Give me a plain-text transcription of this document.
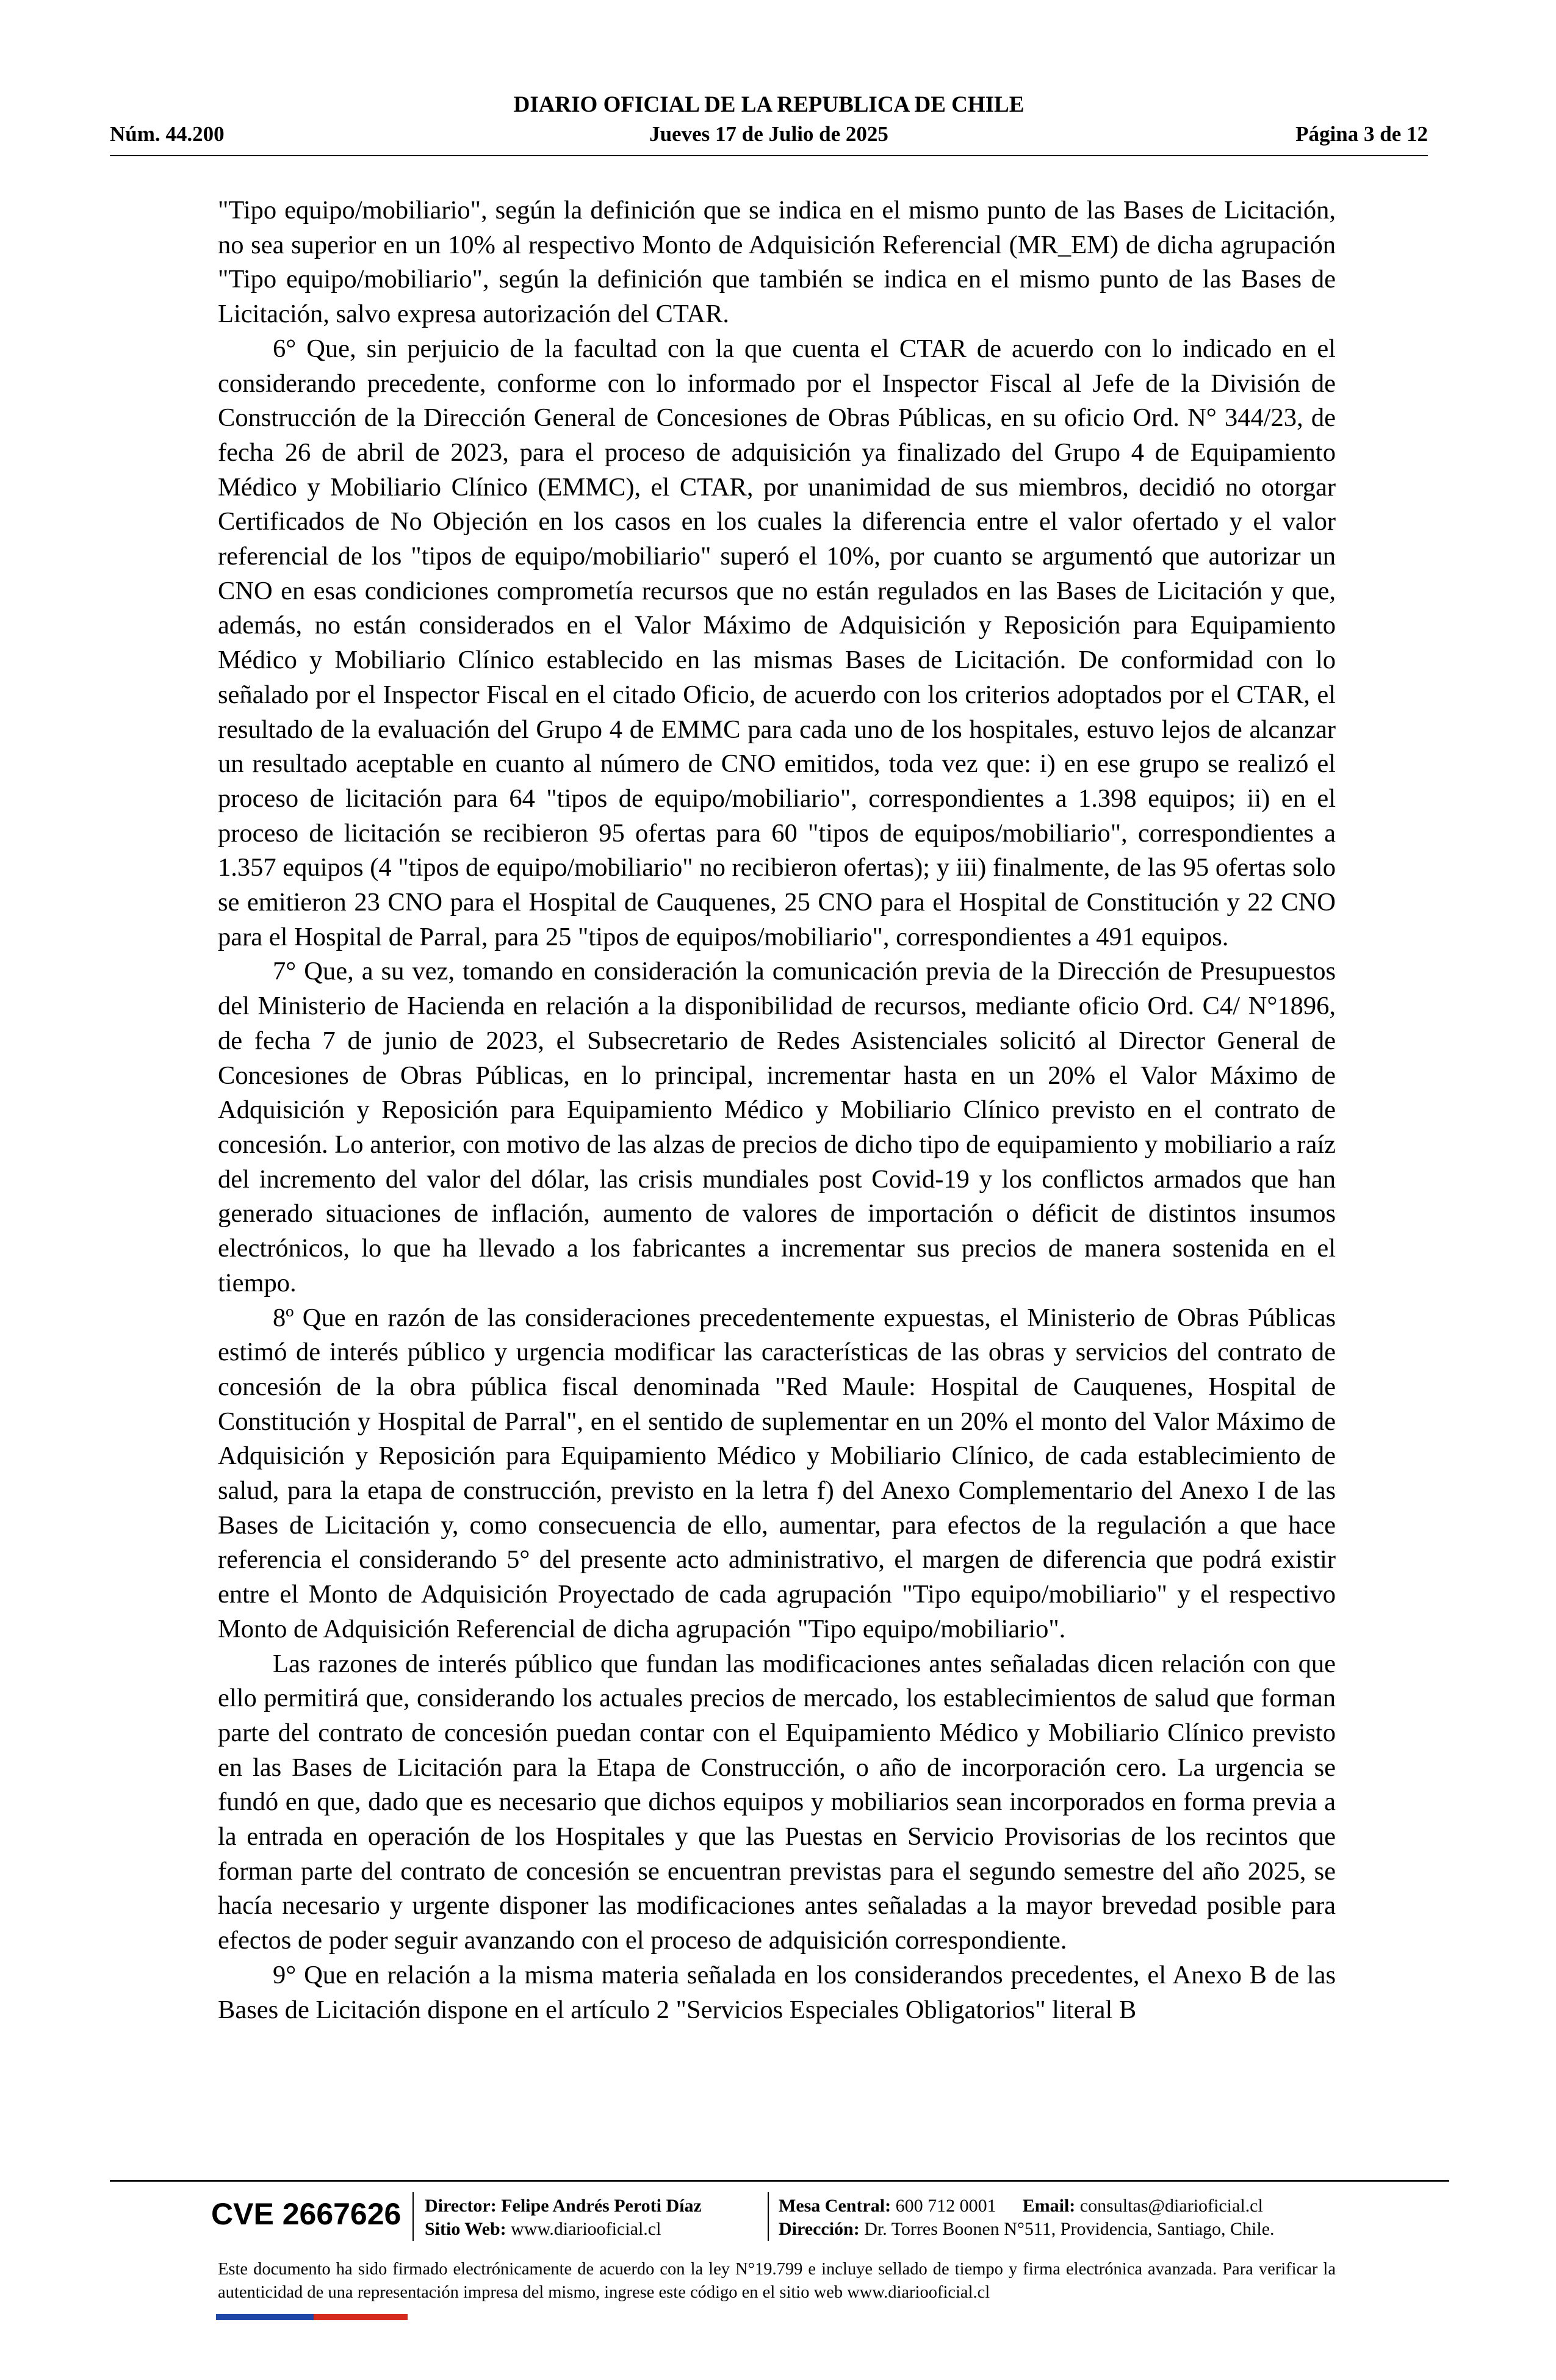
DIARIO OFICIAL DE LA REPUBLICA DE CHILE
Núm. 44.200	Jueves 17 de Julio de 2025	Página 3 de 12

"Tipo equipo/mobiliario", según la definición que se indica en el mismo punto de las Bases de Licitación, no sea superior en un 10% al respectivo Monto de Adquisición Referencial (MR_EM) de dicha agrupación "Tipo equipo/mobiliario", según la definición que también se indica en el mismo punto de las Bases de Licitación, salvo expresa autorización del CTAR.

6° Que, sin perjuicio de la facultad con la que cuenta el CTAR de acuerdo con lo indicado en el considerando precedente, conforme con lo informado por el Inspector Fiscal al Jefe de la División de Construcción de la Dirección General de Concesiones de Obras Públicas, en su oficio Ord. N° 344/23, de fecha 26 de abril de 2023, para el proceso de adquisición ya finalizado del Grupo 4 de Equipamiento Médico y Mobiliario Clínico (EMMC), el CTAR, por unanimidad de sus miembros, decidió no otorgar Certificados de No Objeción en los casos en los cuales la diferencia entre el valor ofertado y el valor referencial de los "tipos de equipo/mobiliario" superó el 10%, por cuanto se argumentó que autorizar un CNO en esas condiciones comprometía recursos que no están regulados en las Bases de Licitación y que, además, no están considerados en el Valor Máximo de Adquisición y Reposición para Equipamiento Médico y Mobiliario Clínico establecido en las mismas Bases de Licitación. De conformidad con lo señalado por el Inspector Fiscal en el citado Oficio, de acuerdo con los criterios adoptados por el CTAR, el resultado de la evaluación del Grupo 4 de EMMC para cada uno de los hospitales, estuvo lejos de alcanzar un resultado aceptable en cuanto al número de CNO emitidos, toda vez que: i) en ese grupo se realizó el proceso de licitación para 64 "tipos de equipo/mobiliario", correspondientes a 1.398 equipos; ii) en el proceso de licitación se recibieron 95 ofertas para 60 "tipos de equipos/mobiliario", correspondientes a 1.357 equipos (4 "tipos de equipo/mobiliario" no recibieron ofertas); y iii) finalmente, de las 95 ofertas solo se emitieron 23 CNO para el Hospital de Cauquenes, 25 CNO para el Hospital de Constitución y 22 CNO para el Hospital de Parral, para 25 "tipos de equipos/mobiliario", correspondientes a 491 equipos.

7° Que, a su vez, tomando en consideración la comunicación previa de la Dirección de Presupuestos del Ministerio de Hacienda en relación a la disponibilidad de recursos, mediante oficio Ord. C4/ N°1896, de fecha 7 de junio de 2023, el Subsecretario de Redes Asistenciales solicitó al Director General de Concesiones de Obras Públicas, en lo principal, incrementar hasta en un 20% el Valor Máximo de Adquisición y Reposición para Equipamiento Médico y Mobiliario Clínico previsto en el contrato de concesión. Lo anterior, con motivo de las alzas de precios de dicho tipo de equipamiento y mobiliario a raíz del incremento del valor del dólar, las crisis mundiales post Covid-19 y los conflictos armados que han generado situaciones de inflación, aumento de valores de importación o déficit de distintos insumos electrónicos, lo que ha llevado a los fabricantes a incrementar sus precios de manera sostenida en el tiempo.

8º Que en razón de las consideraciones precedentemente expuestas, el Ministerio de Obras Públicas estimó de interés público y urgencia modificar las características de las obras y servicios del contrato de concesión de la obra pública fiscal denominada "Red Maule: Hospital de Cauquenes, Hospital de Constitución y Hospital de Parral", en el sentido de suplementar en un 20% el monto del Valor Máximo de Adquisición y Reposición para Equipamiento Médico y Mobiliario Clínico, de cada establecimiento de salud, para la etapa de construcción, previsto en la letra f) del Anexo Complementario del Anexo I de las Bases de Licitación y, como consecuencia de ello, aumentar, para efectos de la regulación a que hace referencia el considerando 5° del presente acto administrativo, el margen de diferencia que podrá existir entre el Monto de Adquisición Proyectado de cada agrupación "Tipo equipo/mobiliario" y el respectivo Monto de Adquisición Referencial de dicha agrupación "Tipo equipo/mobiliario".

Las razones de interés público que fundan las modificaciones antes señaladas dicen relación con que ello permitirá que, considerando los actuales precios de mercado, los establecimientos de salud que forman parte del contrato de concesión puedan contar con el Equipamiento Médico y Mobiliario Clínico previsto en las Bases de Licitación para la Etapa de Construcción, o año de incorporación cero. La urgencia se fundó en que, dado que es necesario que dichos equipos y mobiliarios sean incorporados en forma previa a la entrada en operación de los Hospitales y que las Puestas en Servicio Provisorias de los recintos que forman parte del contrato de concesión se encuentran previstas para el segundo semestre del año 2025, se hacía necesario y urgente disponer las modificaciones antes señaladas a la mayor brevedad posible para efectos de poder seguir avanzando con el proceso de adquisición correspondiente.

9° Que en relación a la misma materia señalada en los considerandos precedentes, el Anexo B de las Bases de Licitación dispone en el artículo 2 "Servicios Especiales Obligatorios" literal B

CVE 2667626 Director: Felipe Andrés Peroti Díaz
Sitio Web: www.diariooficial.cl
Mesa Central: 600 712 0001 Email: consultas@diarioficial.cl
Dirección: Dr. Torres Boonen N°511, Providencia, Santiago, Chile.
Este documento ha sido firmado electrónicamente de acuerdo con la ley N°19.799 e incluye sellado de tiempo y firma electrónica avanzada. Para verificar la autenticidad de una representación impresa del mismo, ingrese este código en el sitio web www.diariooficial.cl
